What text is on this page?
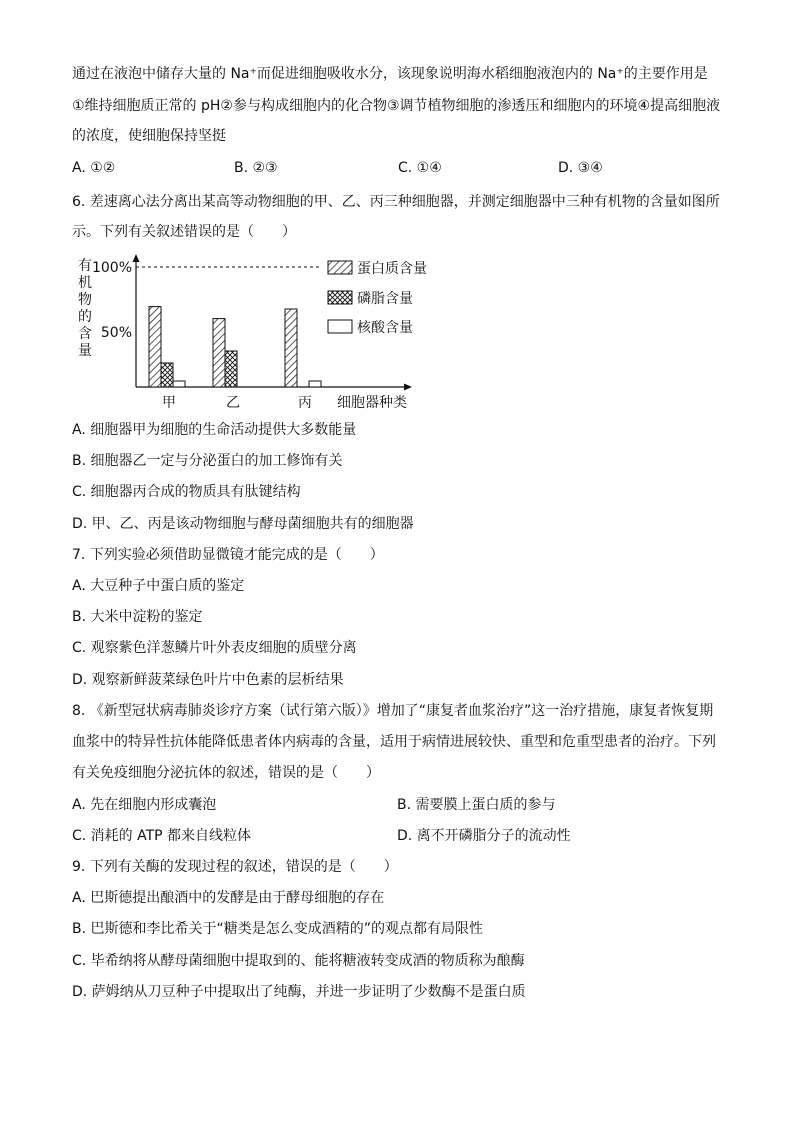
通过在液泡中储存大量的 Na⁺而促进细胞吸收水分，该现象说明海水稻细胞液泡内的 Na⁺的主要作用是
①维持细胞质正常的 pH②参与构成细胞内的化合物③调节植物细胞的渗透压和细胞内的环境④提高细胞液
的浓度，使细胞保持坚挺
A. ①②	B. ②③	C. ①④	D. ③④
6. 差速离心法分离出某高等动物细胞的甲、乙、丙三种细胞器，并测定细胞器中三种有机物的含量如图所
示。下列有关叙述错误的是（　　）
有机物的含量
100%
50%
甲	乙	丙 细胞器种类
蛋白质含量
磷脂含量
核酸含量
A. 细胞器甲为细胞的生命活动提供大多数能量
B. 细胞器乙一定与分泌蛋白的加工修饰有关
C. 细胞器丙合成的物质具有肽键结构
D. 甲、乙、丙是该动物细胞与酵母菌细胞共有的细胞器
7. 下列实验必须借助显微镜才能完成的是（　　）
A. 大豆种子中蛋白质的鉴定
B. 大米中淀粉的鉴定
C. 观察紫色洋葱鳞片叶外表皮细胞的质壁分离
D. 观察新鲜菠菜绿色叶片中色素的层析结果
8. 《新型冠状病毒肺炎诊疗方案（试行第六版）》增加了“康复者血浆治疗”这一治疗措施，康复者恢复期
血浆中的特异性抗体能降低患者体内病毒的含量，适用于病情进展较快、重型和危重型患者的治疗。下列
有关免疫细胞分泌抗体的叙述，错误的是（　　）
A. 先在细胞内形成囊泡	B. 需要膜上蛋白质的参与
C. 消耗的 ATP 都来自线粒体	D. 离不开磷脂分子的流动性
9. 下列有关酶的发现过程的叙述，错误的是（　　）
A. 巴斯德提出酿酒中的发酵是由于酵母细胞的存在
B. 巴斯德和李比希关于“糖类是怎么变成酒精的”的观点都有局限性
C. 毕希纳将从酵母菌细胞中提取到的、能将糖液转变成酒的物质称为酿酶
D. 萨姆纳从刀豆种子中提取出了纯酶，并进一步证明了少数酶不是蛋白质
